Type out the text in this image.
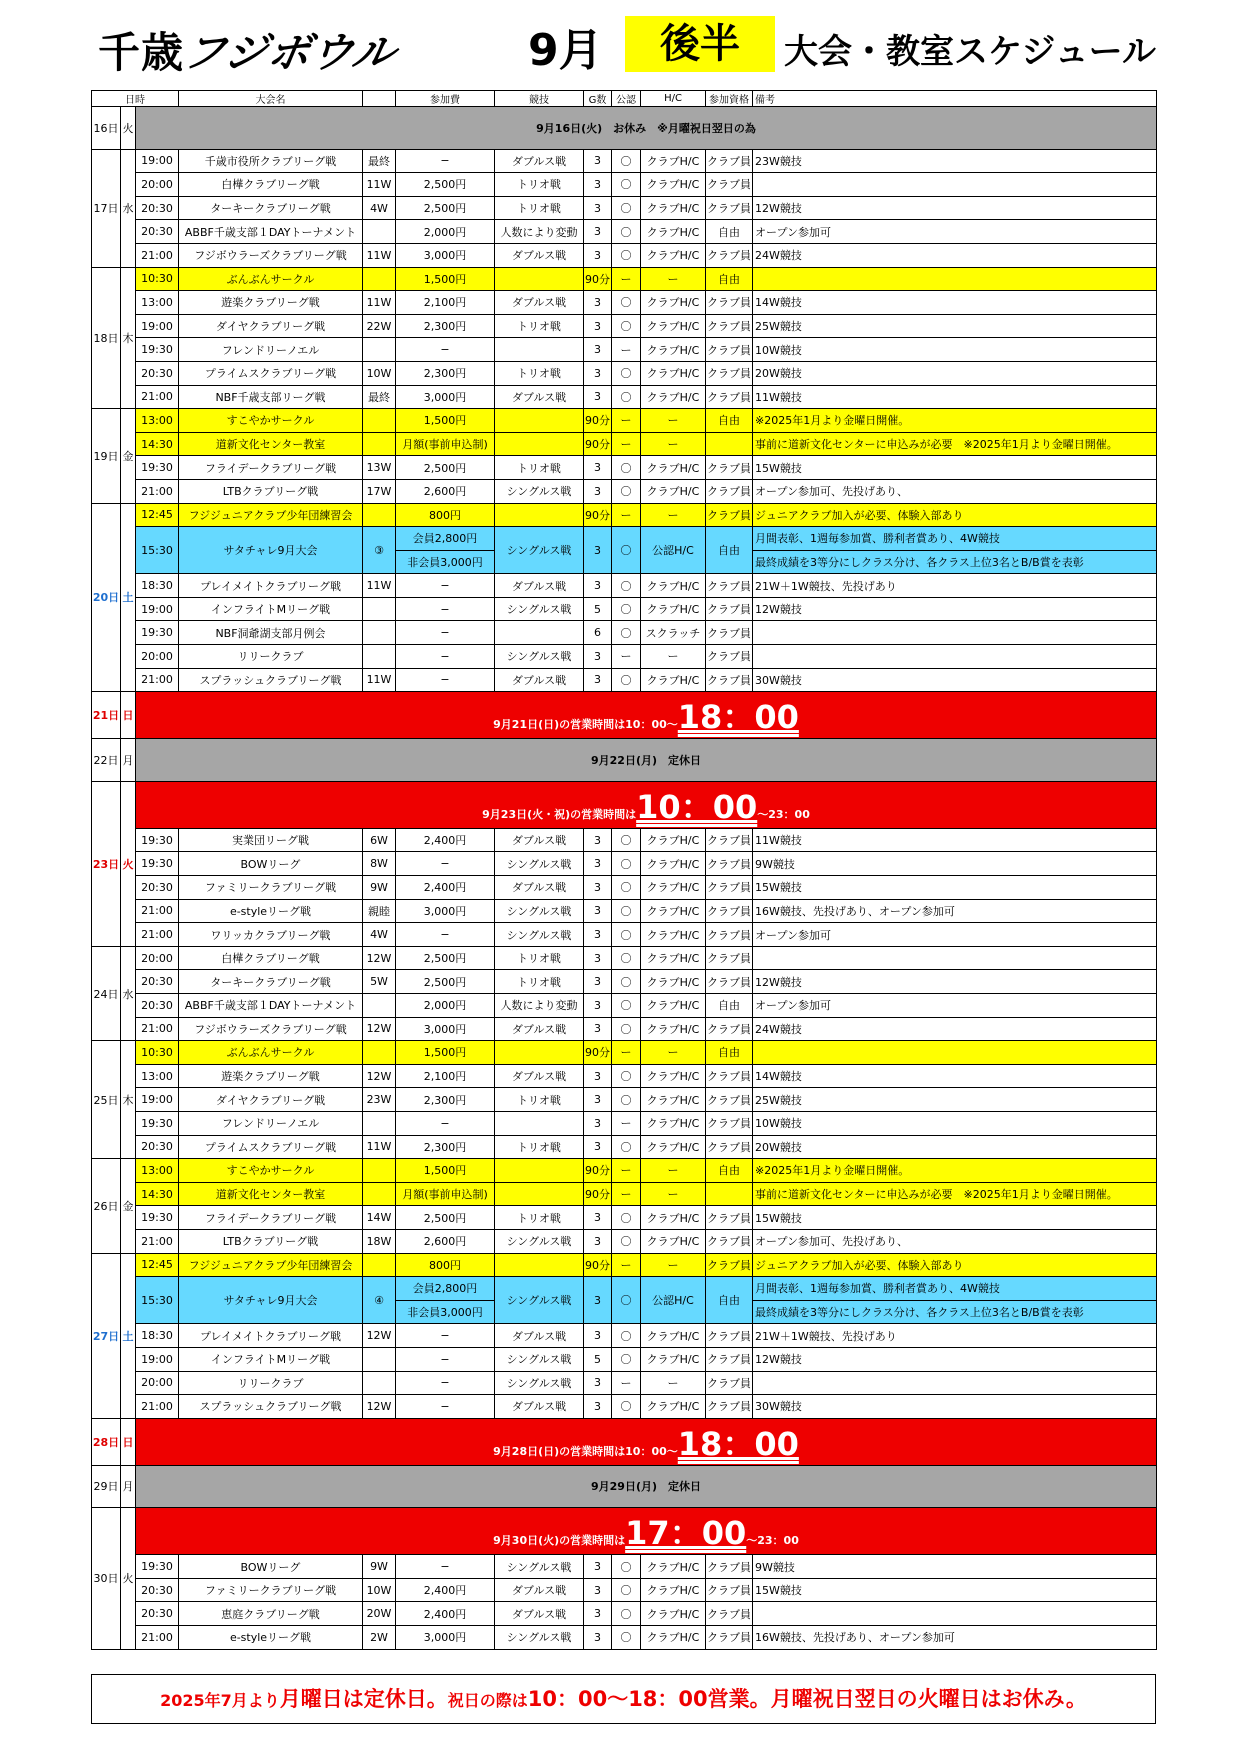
千歳フジボウル	9月	後半	大会・教室スケジュール
日時			大会名		参加費	競技	G数	公認	H/C	参加資格	備考
16日	火	9月16日(火)　お休み　※月曜祝日翌日の為									

17日	水	19:00	千歳市役所クラブリーグ戦	最終	−	ダブルス戦	3	〇	クラブH/C	クラブ員	23W競技
		20:00	白樺クラブリーグ戦	11W	2,500円	トリオ戦	3	〇	クラブH/C	クラブ員	
		20:30	ターキークラブリーグ戦	4W	2,500円	トリオ戦	3	〇	クラブH/C	クラブ員	12W競技
		20:30	ABBF千歳支部１DAYトーナメント		2,000円	人数により変動	3	〇	クラブH/C	自由	オープン参加可
		21:00	フジボウラーズクラブリーグ戦	11W	3,000円	ダブルス戦	3	〇	クラブH/C	クラブ員	24W競技
18日	木	10:30	ぶんぶんサークル		1,500円		90分	ー	ー	自由	
		13:00	遊楽クラブリーグ戦	11W	2,100円	ダブルス戦	3	〇	クラブH/C	クラブ員	14W競技
		19:00	ダイヤクラブリーグ戦	22W	2,300円	トリオ戦	3	〇	クラブH/C	クラブ員	25W競技
		19:30	フレンドリーノエル		−		3	ー	クラブH/C	クラブ員	10W競技
		20:30	プライムスクラブリーグ戦	10W	2,300円	トリオ戦	3	〇	クラブH/C	クラブ員	20W競技
		21:00	NBF千歳支部リーグ戦	最終	3,000円	ダブルス戦	3	〇	クラブH/C	クラブ員	11W競技
19日	金	13:00	すこやかサークル		1,500円		90分	ー	ー	自由	※2025年1月より金曜日開催。
		14:30	道新文化センター教室		月額(事前申込制)		90分	ー	ー		事前に道新文化センターに申込みが必要　※2025年1月より金曜日開催。
		19:30	フライデークラブリーグ戦	13W	2,500円	トリオ戦	3	〇	クラブH/C	クラブ員	15W競技
		21:00	LTBクラブリーグ戦	17W	2,600円	シングルス戦	3	〇	クラブH/C	クラブ員	オープン参加可、先投げあり、
20日	土	12:45	フジジュニアクラブ少年団練習会		800円		90分	ー	ー	クラブ員	ジュニアクラブ加入が必要、体験入部あり
		15:30	サタチャレ9月大会	③	会員2,800円	シングルス戦	3	〇	公認H/C	自由	月間表彰、1週毎参加賞、勝利者賞あり、4W競技
					非会員3,000円						最終成績を3等分にしクラス分け、各クラス上位3名とB/B賞を表彰
		18:30	プレイメイトクラブリーグ戦	11W	−	ダブルス戦	3	〇	クラブH/C	クラブ員	21W＋1W競技、先投げあり
		19:00	インフライトMリーグ戦		−	シングルス戦	5	〇	クラブH/C	クラブ員	12W競技
		19:30	NBF洞爺湖支部月例会		−		6	〇	スクラッチ	クラブ員	
		20:00	リリークラブ		−	シングルス戦	3	ー	ー	クラブ員	
		21:00	スプラッシュクラブリーグ戦	11W	−	ダブルス戦	3	〇	クラブH/C	クラブ員	30W競技
21日	日	9月21日(日)の営業時間は10：00〜18：00									

22日	月	9月22日(月)　定休日									

23日	火	9月23日(火・祝)の営業時間は10：00〜23：00									

		19:30	実業団リーグ戦	6W	2,400円	ダブルス戦	3	〇	クラブH/C	クラブ員	11W競技
		19:30	BOWリーグ	8W	−	シングルス戦	3	〇	クラブH/C	クラブ員	9W競技
		20:30	ファミリークラブリーグ戦	9W	2,400円	ダブルス戦	3	〇	クラブH/C	クラブ員	15W競技
		21:00	e-styleリーグ戦	親睦	3,000円	シングルス戦	3	〇	クラブH/C	クラブ員	16W競技、先投げあり、オープン参加可
		21:00	ワリッカクラブリーグ戦	4W	−	シングルス戦	3	〇	クラブH/C	クラブ員	オープン参加可
24日	水	20:00	白樺クラブリーグ戦	12W	2,500円	トリオ戦	3	〇	クラブH/C	クラブ員	
		20:30	ターキークラブリーグ戦	5W	2,500円	トリオ戦	3	〇	クラブH/C	クラブ員	12W競技
		20:30	ABBF千歳支部１DAYトーナメント		2,000円	人数により変動	3	〇	クラブH/C	自由	オープン参加可
		21:00	フジボウラーズクラブリーグ戦	12W	3,000円	ダブルス戦	3	〇	クラブH/C	クラブ員	24W競技
25日	木	10:30	ぶんぶんサークル		1,500円		90分	ー	ー	自由	
		13:00	遊楽クラブリーグ戦	12W	2,100円	ダブルス戦	3	〇	クラブH/C	クラブ員	14W競技
		19:00	ダイヤクラブリーグ戦	23W	2,300円	トリオ戦	3	〇	クラブH/C	クラブ員	25W競技
		19:30	フレンドリーノエル		−		3	ー	クラブH/C	クラブ員	10W競技
		20:30	プライムスクラブリーグ戦	11W	2,300円	トリオ戦	3	〇	クラブH/C	クラブ員	20W競技
26日	金	13:00	すこやかサークル		1,500円		90分	ー	ー	自由	※2025年1月より金曜日開催。
		14:30	道新文化センター教室		月額(事前申込制)		90分	ー	ー		事前に道新文化センターに申込みが必要　※2025年1月より金曜日開催。
		19:30	フライデークラブリーグ戦	14W	2,500円	トリオ戦	3	〇	クラブH/C	クラブ員	15W競技
		21:00	LTBクラブリーグ戦	18W	2,600円	シングルス戦	3	〇	クラブH/C	クラブ員	オープン参加可、先投げあり、
27日	土	12:45	フジジュニアクラブ少年団練習会		800円		90分	ー	ー	クラブ員	ジュニアクラブ加入が必要、体験入部あり
		15:30	サタチャレ9月大会	④	会員2,800円	シングルス戦	3	〇	公認H/C	自由	月間表彰、1週毎参加賞、勝利者賞あり、4W競技
					非会員3,000円						最終成績を3等分にしクラス分け、各クラス上位3名とB/B賞を表彰
		18:30	プレイメイトクラブリーグ戦	12W	−	ダブルス戦	3	〇	クラブH/C	クラブ員	21W＋1W競技、先投げあり
		19:00	インフライトMリーグ戦		−	シングルス戦	5	〇	クラブH/C	クラブ員	12W競技
		20:00	リリークラブ		−	シングルス戦	3	ー	ー	クラブ員	
		21:00	スプラッシュクラブリーグ戦	12W	−	ダブルス戦	3	〇	クラブH/C	クラブ員	30W競技
28日	日	9月28日(日)の営業時間は10：00〜18：00									

29日	月	9月29日(月)　定休日									

30日	火	9月30日(火)の営業時間は17：00〜23：00									

		19:30	BOWリーグ	9W	−	シングルス戦	3	〇	クラブH/C	クラブ員	9W競技
		20:30	ファミリークラブリーグ戦	10W	2,400円	ダブルス戦	3	〇	クラブH/C	クラブ員	15W競技
		20:30	恵庭クラブリーグ戦	20W	2,400円	ダブルス戦	3	〇	クラブH/C	クラブ員	
		21:00	e-styleリーグ戦	2W	3,000円	シングルス戦	3	〇	クラブH/C	クラブ員	16W競技、先投げあり、オープン参加可
2025年7月より月曜日は定休日。祝日の際は10：00〜18：00営業。月曜祝日翌日の火曜日はお休み。
